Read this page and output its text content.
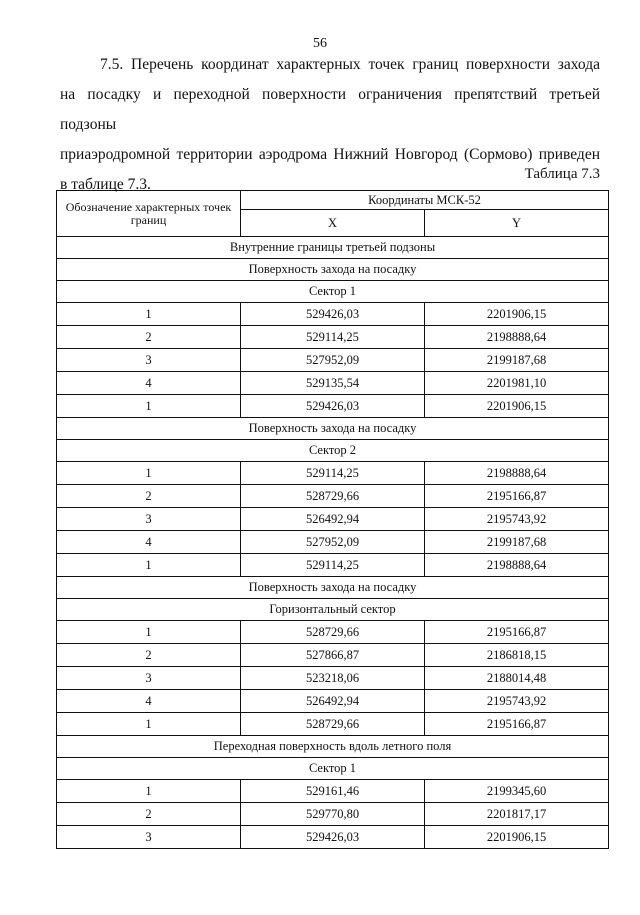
56

7.5. Перечень координат характерных точек границ поверхности захода
на посадку и переходной поверхности ограничения препятствий третьей подзоны
приаэродромной территории аэродрома Нижний Новгород (Сормово) приведен
в таблице 7.3.

Таблица 7.3
Обозначение характерных точек границ	Координаты МСК-52	
	X	Y
Внутренние границы третьей подзоны		
Поверхность захода на посадку		
Сектор 1		
1	529426,03	2201906,15
2	529114,25	2198888,64
3	527952,09	2199187,68
4	529135,54	2201981,10
1	529426,03	2201906,15
Поверхность захода на посадку		
Сектор 2		
1	529114,25	2198888,64
2	528729,66	2195166,87
3	526492,94	2195743,92
4	527952,09	2199187,68
1	529114,25	2198888,64
Поверхность захода на посадку		
Горизонтальный сектор		
1	528729,66	2195166,87
2	527866,87	2186818,15
3	523218,06	2188014,48
4	526492,94	2195743,92
1	528729,66	2195166,87
Переходная поверхность вдоль летного поля		
Сектор 1		
1	529161,46	2199345,60
2	529770,80	2201817,17
3	529426,03	2201906,15
